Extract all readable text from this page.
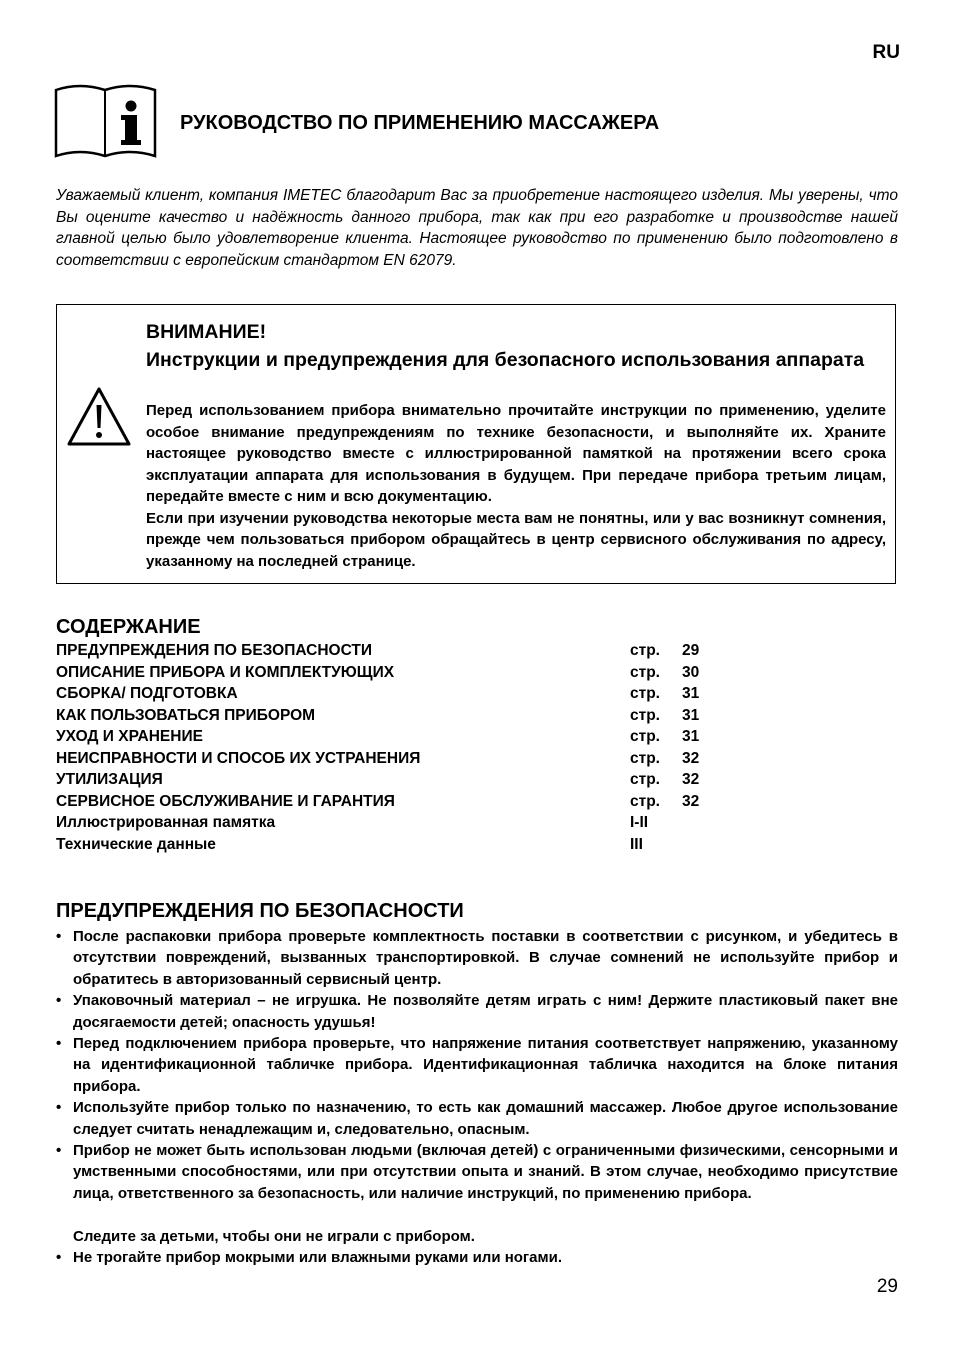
RU
РУКОВОДСТВО ПО ПРИМЕНЕНИЮ МАССАЖЕРА

Уважаемый клиент, компания IMETEC благодарит Вас за приобретение настоящего изделия. Мы уверены, что Вы оцените качество и надёжность данного прибора, так как при его разработке и производстве нашей главной целью было удовлетворение клиента. Настоящее руководство по применению было подготовлено в соответствии с европейским стандартом EN 62079.

ВНИМАНИЕ!
Инструкции и предупреждения для безопасного использования аппарата

Перед использованием прибора внимательно прочитайте инструкции по применению, уделите особое внимание предупреждениям по технике безопасности, и выполняйте их. Храните настоящее руководство вместе с иллюстрированной памяткой на протяжении всего срока эксплуатации аппарата для использования в будущем. При передаче прибора третьим лицам, передайте вместе с ним и всю документацию.

Если при изучении руководства некоторые места вам не понятны, или у вас возникнут сомнения, прежде чем пользоваться прибором обращайтесь в центр сервисного обслуживания по адресу, указанному на последней странице.

СОДЕРЖАНИЕ
ПРЕДУПРЕЖДЕНИЯ ПО БЕЗОПАСНОСТИ	стр. 29
ОПИСАНИЕ ПРИБОРА И КОМПЛЕКТУЮЩИХ	стр. 30
СБОРКА/ ПОДГОТОВКА	стр. 31
КАК ПОЛЬЗОВАТЬСЯ ПРИБОРОМ	стр. 31
УХОД И ХРАНЕНИЕ	стр. 31
НЕИСПРАВНОСТИ И СПОСОБ ИХ УСТРАНЕНИЯ	стр. 32
УТИЛИЗАЦИЯ	стр. 32
СЕРВИСНОЕ ОБСЛУЖИВАНИЕ И ГАРАНТИЯ	стр. 32
Иллюстрированная памятка	I-II
Технические данные	III
ПРЕДУПРЕЖДЕНИЯ ПО БЕЗОПАСНОСТИ
• После распаковки прибора проверьте комплектность поставки в соответствии с рисунком, и убедитесь в отсутствии повреждений, вызванных транспортировкой. В случае сомнений не используйте прибор и обратитесь в авторизованный сервисный центр.
• Упаковочный материал – не игрушка. Не позволяйте детям играть с ним! Держите пластиковый пакет вне досягаемости детей; опасность удушья!
• Перед подключением прибора проверьте, что напряжение питания соответствует напряжению, указанному на идентификационной табличке прибора. Идентификационная табличка находится на блоке питания прибора.
• Используйте прибор только по назначению, то есть как домашний массажер. Любое другое использование следует считать ненадлежащим и, следовательно, опасным.
• Прибор не может быть использован людьми (включая детей) с ограниченными физическими, сенсорными и умственными способностями, или при отсутствии опыта и знаний. В этом случае, необходимо присутствие лица, ответственного за безопасность, или наличие инструкций, по применению прибора.
Следите за детьми, чтобы они не играли с прибором.
• Не трогайте прибор мокрыми или влажными руками или ногами.
29
